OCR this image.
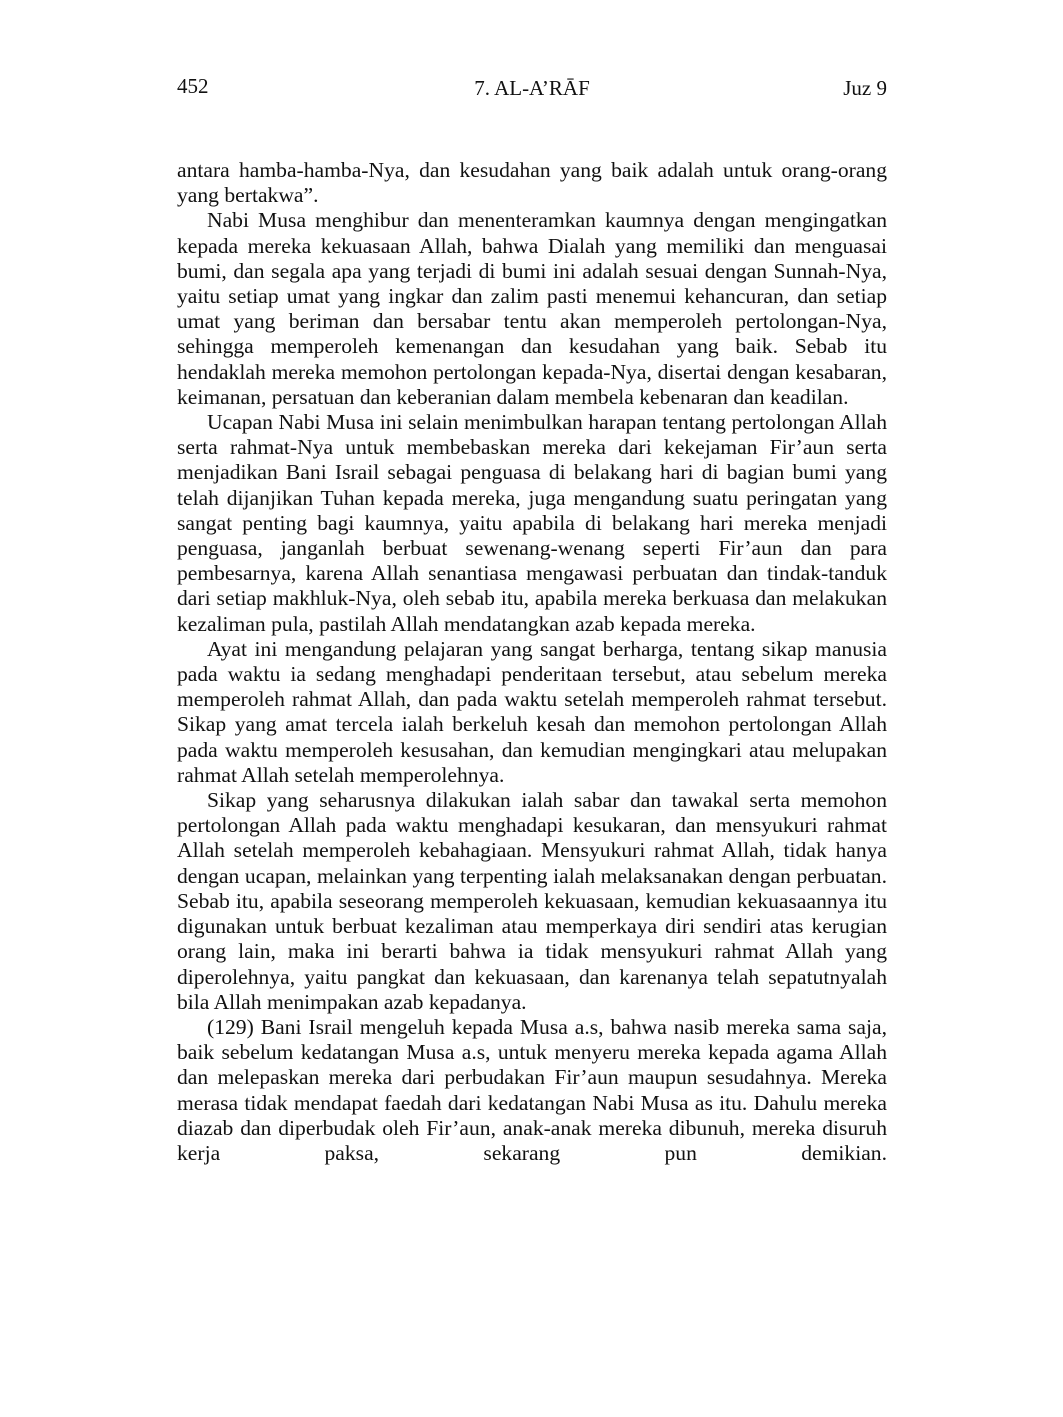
452	7. AL-A’RĀF	Juz 9

antara hamba-hamba-Nya, dan kesudahan yang baik adalah untuk orang-orang yang bertakwa”.

Nabi Musa menghibur dan menenteramkan kaumnya dengan mengingatkan kepada mereka kekuasaan Allah, bahwa Dialah yang memiliki dan menguasai bumi, dan segala apa yang terjadi di bumi ini adalah sesuai dengan Sunnah-Nya, yaitu setiap umat yang ingkar dan zalim pasti menemui kehancuran, dan setiap umat yang beriman dan bersabar tentu akan memperoleh pertolongan-Nya, sehingga memperoleh kemenangan dan kesudahan yang baik. Sebab itu hendaklah mereka memohon pertolongan kepada-Nya, disertai dengan kesabaran, keimanan, persatuan dan keberanian dalam membela kebenaran dan keadilan.

Ucapan Nabi Musa ini selain menimbulkan harapan tentang pertolongan Allah serta rahmat-Nya untuk membebaskan mereka dari kekejaman Fir’aun serta menjadikan Bani Israil sebagai penguasa di belakang hari di bagian bumi yang telah dijanjikan Tuhan kepada mereka, juga mengandung suatu peringatan yang sangat penting bagi kaumnya, yaitu apabila di belakang hari mereka menjadi penguasa, janganlah berbuat sewenang-wenang seperti Fir’aun dan para pembesarnya, karena Allah senantiasa mengawasi perbuatan dan tindak-tanduk dari setiap makhluk-Nya, oleh sebab itu, apabila mereka berkuasa dan melakukan kezaliman pula, pastilah Allah mendatangkan azab kepada mereka.

Ayat ini mengandung pelajaran yang sangat berharga, tentang sikap manusia pada waktu ia sedang menghadapi penderitaan tersebut, atau sebelum mereka memperoleh rahmat Allah, dan pada waktu setelah memperoleh rahmat tersebut. Sikap yang amat tercela ialah berkeluh kesah dan memohon pertolongan Allah pada waktu memperoleh kesusahan, dan kemudian mengingkari atau melupakan rahmat Allah setelah memperolehnya.

Sikap yang seharusnya dilakukan ialah sabar dan tawakal serta memohon pertolongan Allah pada waktu menghadapi kesukaran, dan mensyukuri rahmat Allah setelah memperoleh kebahagiaan. Mensyukuri rahmat Allah, tidak hanya dengan ucapan, melainkan yang terpenting ialah melaksanakan dengan perbuatan. Sebab itu, apabila seseorang memperoleh kekuasaan, kemudian kekuasaannya itu digunakan untuk berbuat kezaliman atau memperkaya diri sendiri atas kerugian orang lain, maka ini berarti bahwa ia tidak mensyukuri rahmat Allah yang diperolehnya, yaitu pangkat dan kekuasaan, dan karenanya telah sepatutnyalah bila Allah menimpakan azab kepadanya.

(129) Bani Israil mengeluh kepada Musa a.s, bahwa nasib mereka sama saja, baik sebelum kedatangan Musa a.s, untuk menyeru mereka kepada agama Allah dan melepaskan mereka dari perbudakan Fir’aun maupun sesudahnya. Mereka merasa tidak mendapat faedah dari kedatangan Nabi Musa as itu. Dahulu mereka diazab dan diperbudak oleh Fir’aun, anak-anak mereka dibunuh, mereka disuruh kerja paksa, sekarang pun demikian.
